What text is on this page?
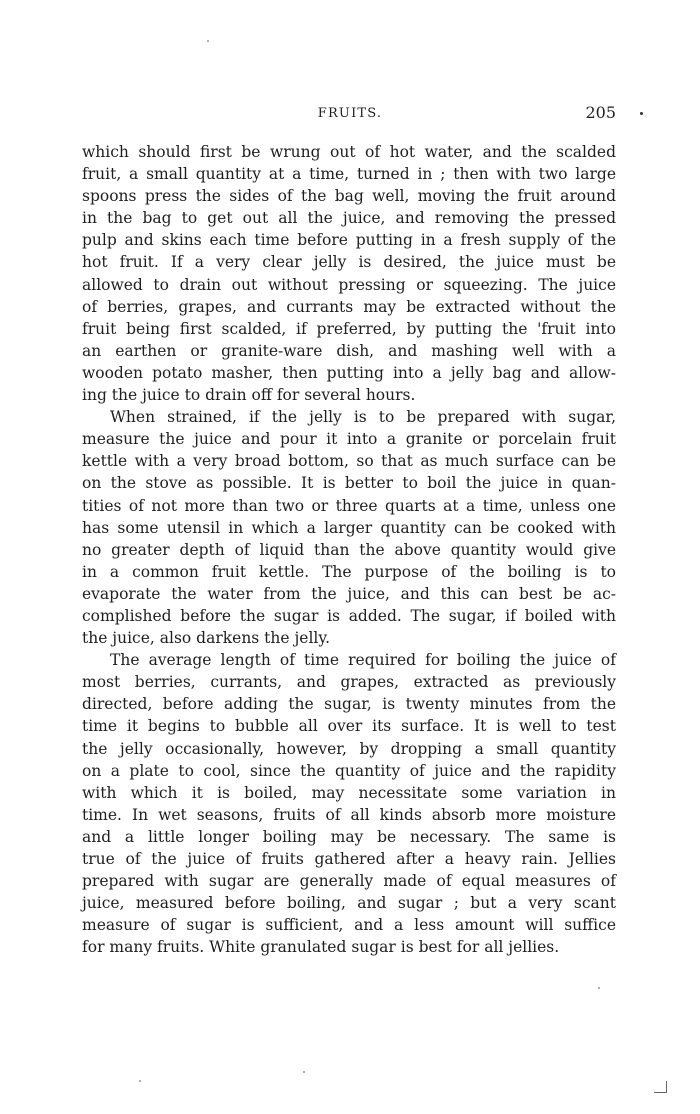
FRUITS.	205
which should first be wrung out of hot water, and the scalded
fruit, a small quantity at a time, turned in ; then with two large
spoons press the sides of the bag well, moving the fruit around
in the bag to get out all the juice, and removing the pressed
pulp and skins each time before putting in a fresh supply of the
hot fruit. If a very clear jelly is desired, the juice must be
allowed to drain out without pressing or squeezing. The juice
of berries, grapes, and currants may be extracted without the
fruit being first scalded, if preferred, by putting the 'fruit into
an earthen or granite-ware dish, and mashing well with a
wooden potato masher, then putting into a jelly bag and allow-
ing the juice to drain off for several hours.
When strained, if the jelly is to be prepared with sugar,
measure the juice and pour it into a granite or porcelain fruit
kettle with a very broad bottom, so that as much surface can be
on the stove as possible. It is better to boil the juice in quan-
tities of not more than two or three quarts at a time, unless one
has some utensil in which a larger quantity can be cooked with
no greater depth of liquid than the above quantity would give
in a common fruit kettle. The purpose of the boiling is to
evaporate the water from the juice, and this can best be ac-
complished before the sugar is added. The sugar, if boiled with
the juice, also darkens the jelly.
The average length of time required for boiling the juice of
most berries, currants, and grapes, extracted as previously
directed, before adding the sugar, is twenty minutes from the
time it begins to bubble all over its surface. It is well to test
the jelly occasionally, however, by dropping a small quantity
on a plate to cool, since the quantity of juice and the rapidity
with which it is boiled, may necessitate some variation in
time. In wet seasons, fruits of all kinds absorb more moisture
and a little longer boiling may be necessary. The same is
true of the juice of fruits gathered after a heavy rain. Jellies
prepared with sugar are generally made of equal measures of
juice, measured before boiling, and sugar ; but a very scant
measure of sugar is sufficient, and a less amount will suffice
for many fruits. White granulated sugar is best for all jellies.
